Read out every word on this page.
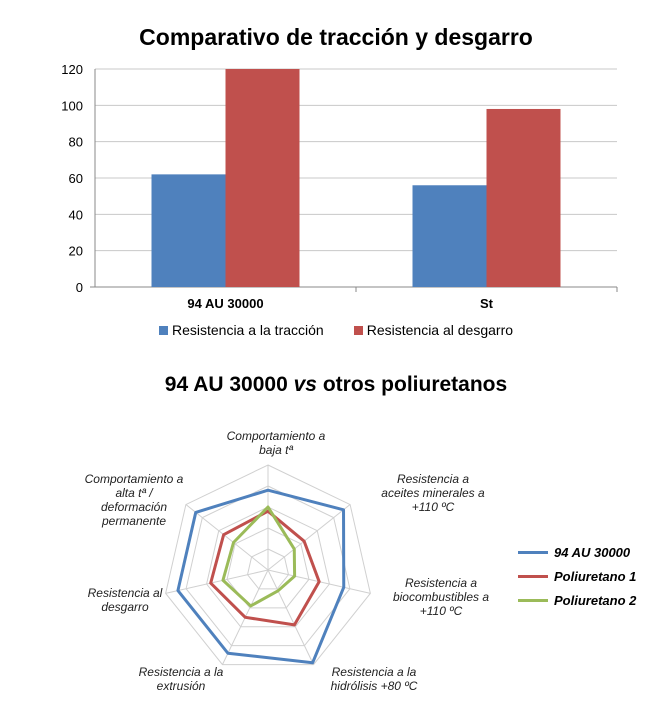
Comparativo de tracción y desgarro
0
20
40
60
80
100
120
94 AU 30000	St
Resistencia a la tracción	Resistencia al desgarro
94 AU 30000 vs otros poliuretanos
Comportamiento a baja tª
Resistencia a aceites minerales a +110 ºC
Resistencia a biocombustibles a +110 ºC
Resistencia a la hidrólisis +80 ºC
Resistencia a la extrusión
Resistencia al desgarro
Comportamiento a alta tª / deformación permanente
94 AU 30000
Poliuretano 1
Poliuretano 2
